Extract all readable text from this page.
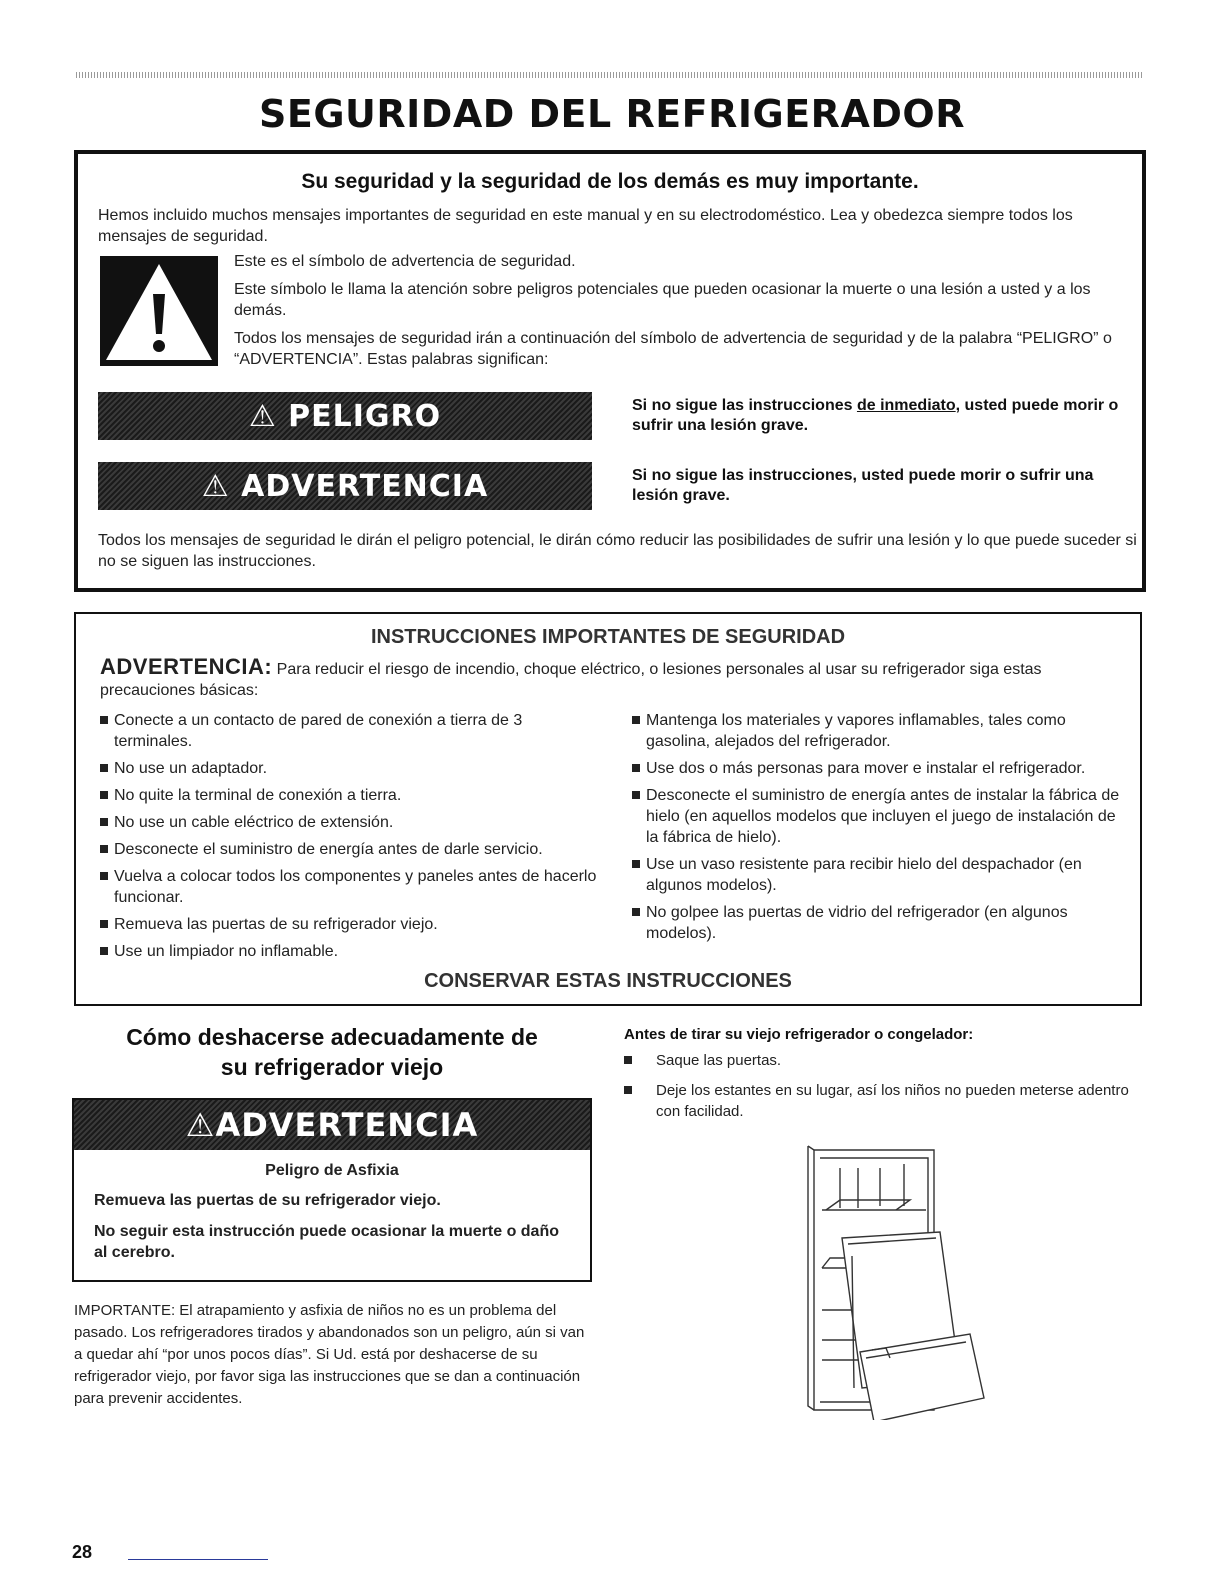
SEGURIDAD DEL REFRIGERADOR
Su seguridad y la seguridad de los demás es muy importante.
Hemos incluido muchos mensajes importantes de seguridad en este manual y en su electrodoméstico. Lea y obedezca siempre todos los mensajes de seguridad.
Este es el símbolo de advertencia de seguridad.
Este símbolo le llama la atención sobre peligros potenciales que pueden ocasionar la muerte o una lesión a usted y a los demás.
Todos los mensajes de seguridad irán a continuación del símbolo de advertencia de seguridad y de la palabra “PELIGRO” o “ADVERTENCIA”. Estas palabras significan:
⚠ PELIGRO	Si no sigue las instrucciones de inmediato, usted puede morir o sufrir una lesión grave.
⚠ ADVERTENCIA	Si no sigue las instrucciones, usted puede morir o sufrir una lesión grave.
Todos los mensajes de seguridad le dirán el peligro potencial, le dirán cómo reducir las posibilidades de sufrir una lesión y lo que puede suceder si no se siguen las instrucciones.
INSTRUCCIONES IMPORTANTES DE SEGURIDAD
ADVERTENCIA: Para reducir el riesgo de incendio, choque eléctrico, o lesiones personales al usar su refrigerador siga estas precauciones básicas:
Conecte a un contacto de pared de conexión a tierra de 3 terminales.
No use un adaptador.
No quite la terminal de conexión a tierra.
No use un cable eléctrico de extensión.
Desconecte el suministro de energía antes de darle servicio.
Vuelva a colocar todos los componentes y paneles antes de hacerlo funcionar.
Remueva las puertas de su refrigerador viejo.
Use un limpiador no inflamable.
Mantenga los materiales y vapores inflamables, tales como gasolina, alejados del refrigerador.
Use dos o más personas para mover e instalar el refrigerador.
Desconecte el suministro de energía antes de instalar la fábrica de hielo (en aquellos modelos que incluyen el juego de instalación de la fábrica de hielo).
Use un vaso resistente para recibir hielo del despachador (en algunos modelos).
No golpee las puertas de vidrio del refrigerador (en algunos modelos).
CONSERVAR ESTAS INSTRUCCIONES
Cómo deshacerse adecuadamente de
su refrigerador viejo
⚠ ADVERTENCIA
Peligro de Asfixia
Remueva las puertas de su refrigerador viejo.
No seguir esta instrucción puede ocasionar la muerte o daño al cerebro.
IMPORTANTE: El atrapamiento y asfixia de niños no es un problema del pasado. Los refrigeradores tirados y abandonados son un peligro, aún si van a quedar ahí “por unos pocos días”. Si Ud. está por deshacerse de su refrigerador viejo, por favor siga las instrucciones que se dan a continuación para prevenir accidentes.
Antes de tirar su viejo refrigerador o congelador:
Saque las puertas.
Deje los estantes en su lugar, así los niños no pueden meterse adentro con facilidad.
28
